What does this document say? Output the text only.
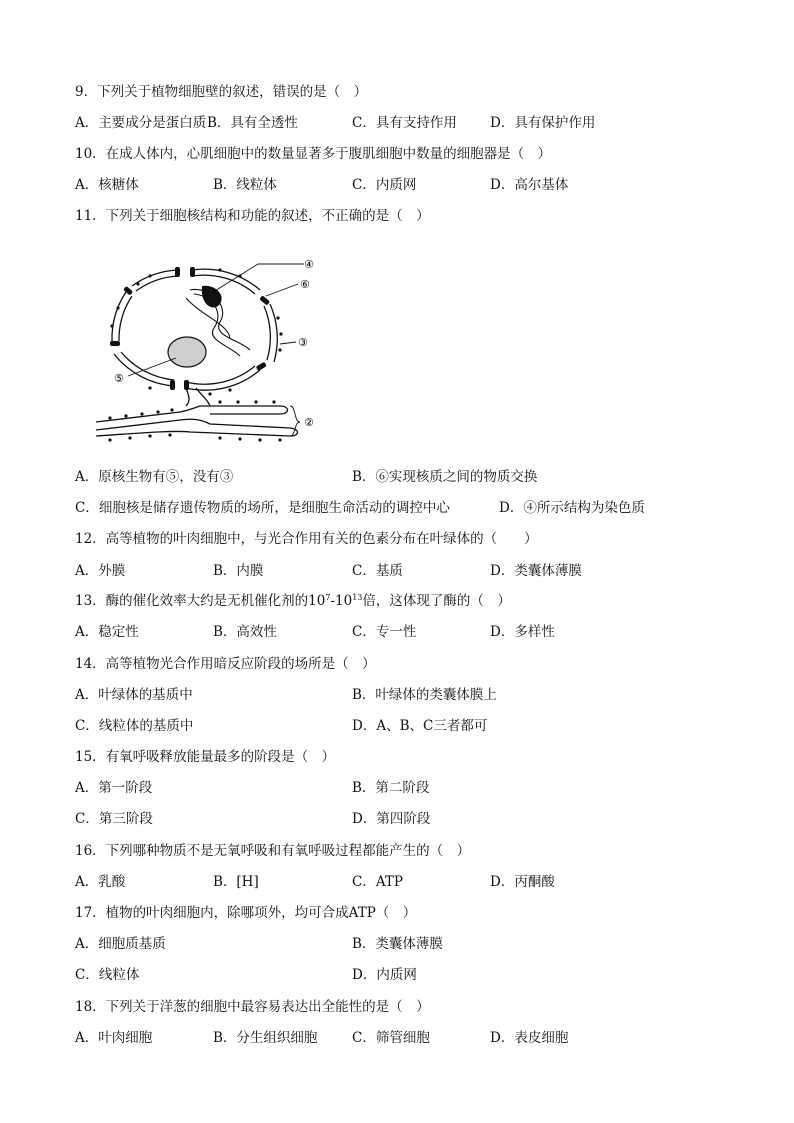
9．下列关于植物细胞壁的叙述，错误的是（　）
A．主要成分是蛋白质 B．具有全透性	C．具有支持作用 D．具有保护作用
10．在成人体内，心肌细胞中的数量显著多于腹肌细胞中数量的细胞器是（　）
A．核糖体	B．线粒体	C．内质网	D．高尔基体
11．下列关于细胞核结构和功能的叙述，不正确的是（　）
④
⑥
③
⑤
②
A．原核生物有⑤，没有③	B．⑥实现核质之间的物质交换
C．细胞核是储存遗传物质的场所，是细胞生命活动的调控中心	D．④所示结构为染色质
12．高等植物的叶肉细胞中，与光合作用有关的色素分布在叶绿体的（　　）
A．外膜	B．内膜	C．基质	D．类囊体薄膜
13．酶的催化效率大约是无机催化剂的$10^7-10^{13}$倍，这体现了酶的（　）
A．稳定性	B．高效性	C．专一性	D．多样性
14．高等植物光合作用暗反应阶段的场所是（　）
A．叶绿体的基质中	B．叶绿体的类囊体膜上
C．线粒体的基质中	D．A、B、C三者都可
15．有氧呼吸释放能量最多的阶段是（　）
A．第一阶段	B．第二阶段
C．第三阶段	D．第四阶段
16．下列哪种物质不是无氧呼吸和有氧呼吸过程都能产生的（　）
A．乳酸	B．[H]	C．ATP	D．丙酮酸
17．植物的叶肉细胞内，除哪项外，均可合成ATP（　）
A．细胞质基质	B．类囊体薄膜
C．线粒体	D．内质网
18．下列关于洋葱的细胞中最容易表达出全能性的是（　）
A．叶肉细胞	B．分生组织细胞	C．筛管细胞	D．表皮细胞
